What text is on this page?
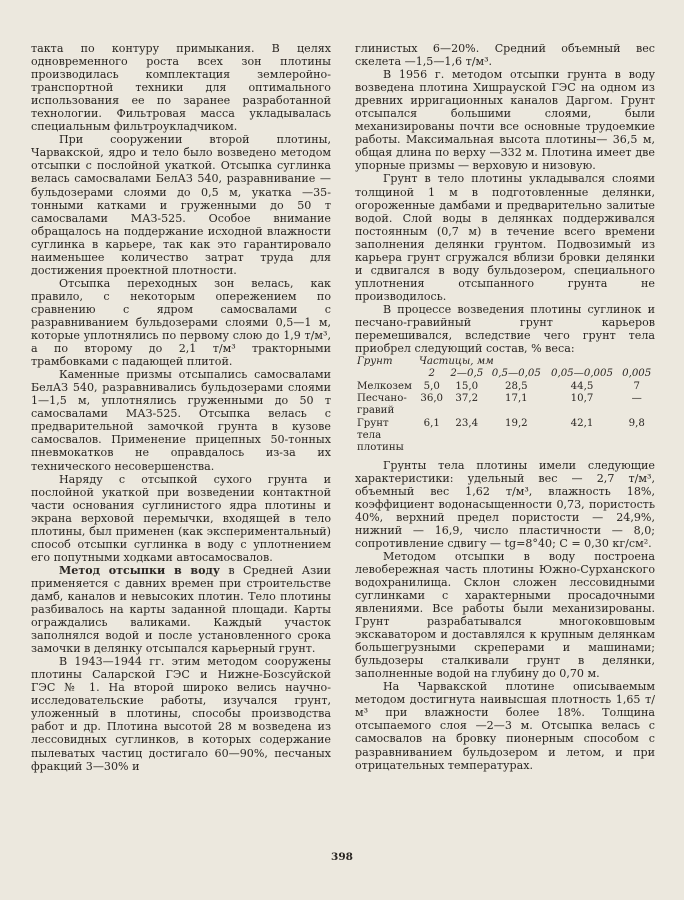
такта по контуру примыкания. В целях одновременного роста всех зон плотины производилась комплектация землеройно-транспортной техники для оптимального использования ее по заранее разработанной технологии. Фильтровая масса укладывалась специальным фильтроукладчиком.

При сооружении второй плотины, Чарвакской, ядро и тело было возведено методом отсыпки с послойной укаткой. Отсыпка суглинка велась самосвалами БелАЗ 540, разравнивание — бульдозерами слоями до 0,5 м, укатка —35-тонными катками и груженными до 50 т самосвалами МАЗ-525. Особое внимание обращалось на поддержание исходной влажности суглинка в карьере, так как это гарантировало наименьшее количество затрат труда для достижения проектной плотности.

Отсыпка переходных зон велась, как правило, с некоторым опережением по сравнению с ядром самосвалами с разравниванием бульдозерами слоями 0,5—1 м, которые уплотнялись по первому слою до 1,9 т/м³, а по второму до 2,1 т/м³ тракторными трамбовками с падающей плитой.

Каменные призмы отсыпались самосвалами БелАЗ 540, разравнивались бульдозерами слоями 1—1,5 м, уплотнялись груженными до 50 т самосвалами МАЗ-525. Отсыпка велась с предварительной замочкой грунта в кузове самосвалов. Применение прицепных 50-тонных пневмокатков не оправдалось из-за их технического несовершенства.

Наряду с отсыпкой сухого грунта и послойной укаткой при возведении контактной части основания суглинистого ядра плотины и экрана верховой перемычки, входящей в тело плотины, был применен (как экспериментальный) способ отсыпки суглинка в воду с уплотнением его попутными ходками автосамосвалов.

Метод отсыпки в воду в Средней Азии применяется с давних времен при строительстве дамб, каналов и невысоких плотин. Тело плотины разбивалось на карты заданной площади. Карты ограждались валиками. Каждый участок заполнялся водой и после установленного срока замочки в делянку отсыпался карьерный грунт.

В 1943—1944 гг. этим методом сооружены плотины Саларской ГЭС и Нижне-Бозсуйской ГЭС № 1. На второй широко велись научно-исследовательские работы, изучался грунт, уложенный в плотины, способы производства работ и др. Плотина высотой 28 м возведена из лессовидных суглинков, в которых содержание пылеватых частиц достигало 60—90%, песчаных фракций 3—30% и

глинистых 6—20%. Средний объемный вес скелета —1,5—1,6 т/м³.

В 1956 г. методом отсыпки грунта в воду возведена плотина Хишрауской ГЭС на одном из древних ирригационных каналов Даргом. Грунт отсыпался большими слоями, были механизированы почти все основные трудоемкие работы. Максимальная высота плотины— 36,5 м, общая длина по верху —332 м. Плотина имеет две упорные призмы — верховую и низовую.

Грунт в тело плотины укладывался слоями толщиной 1 м в подготовленные делянки, огороженные дамбами и предварительно залитые водой. Слой воды в делянках поддерживался постоянным (0,7 м) в течение всего времени заполнения делянки грунтом. Подвозимый из карьера грунт сгружался вблизи бровки делянки и сдвигался в воду бульдозером, специального уплотнения отсыпанного грунта не производилось.

В процессе возведения плотины суглинок и песчано-гравийный грунт карьеров перемешивался, вследствие чего грунт тела приобрел следующий состав, % веса:

Грунт	Частицы, мм				
	2	2—0,5	0,5—0,05	0,05—0,005	0,005
Мелкозем	5,0	15,0	28,5	44,5	7
Песчано-гравий	36,0	37,2	17,1	10,7	—
Грунт тела плотины	6,1	23,4	19,2	42,1	9,8

Грунты тела плотины имели следующие характеристики: удельный вес — 2,7 т/м³, объемный вес 1,62 т/м³, влажность 18%, коэффициент водонасыщенности 0,73, пористость 40%, верхний предел пористости — 24,9%, нижний — 16,9, число пластичности — 8,0; сопротивление сдвигу — tg=8°40; С = 0,30 кг/см².

Методом отсыпки в воду построена левобережная часть плотины Южно-Сурханского водохранилища. Склон сложен лессовидными суглинками с характерными просадочными явлениями. Все работы были механизированы. Грунт разрабатывался многоковшовым экскаватором и доставлялся к крупным делянкам большегрузными скреперами и машинами; бульдозеры сталкивали грунт в делянки, заполненные водой на глубину до 0,70 м.

На Чарвакской плотине описываемым методом достигнута наивысшая плотность 1,65 т/м³ при влажности более 18%. Толщина отсыпаемого слоя —2—3 м. Отсыпка велась с самосвалов на бровку пионерным способом с разравниванием бульдозером и летом, и при отрицательных температурах.

398
